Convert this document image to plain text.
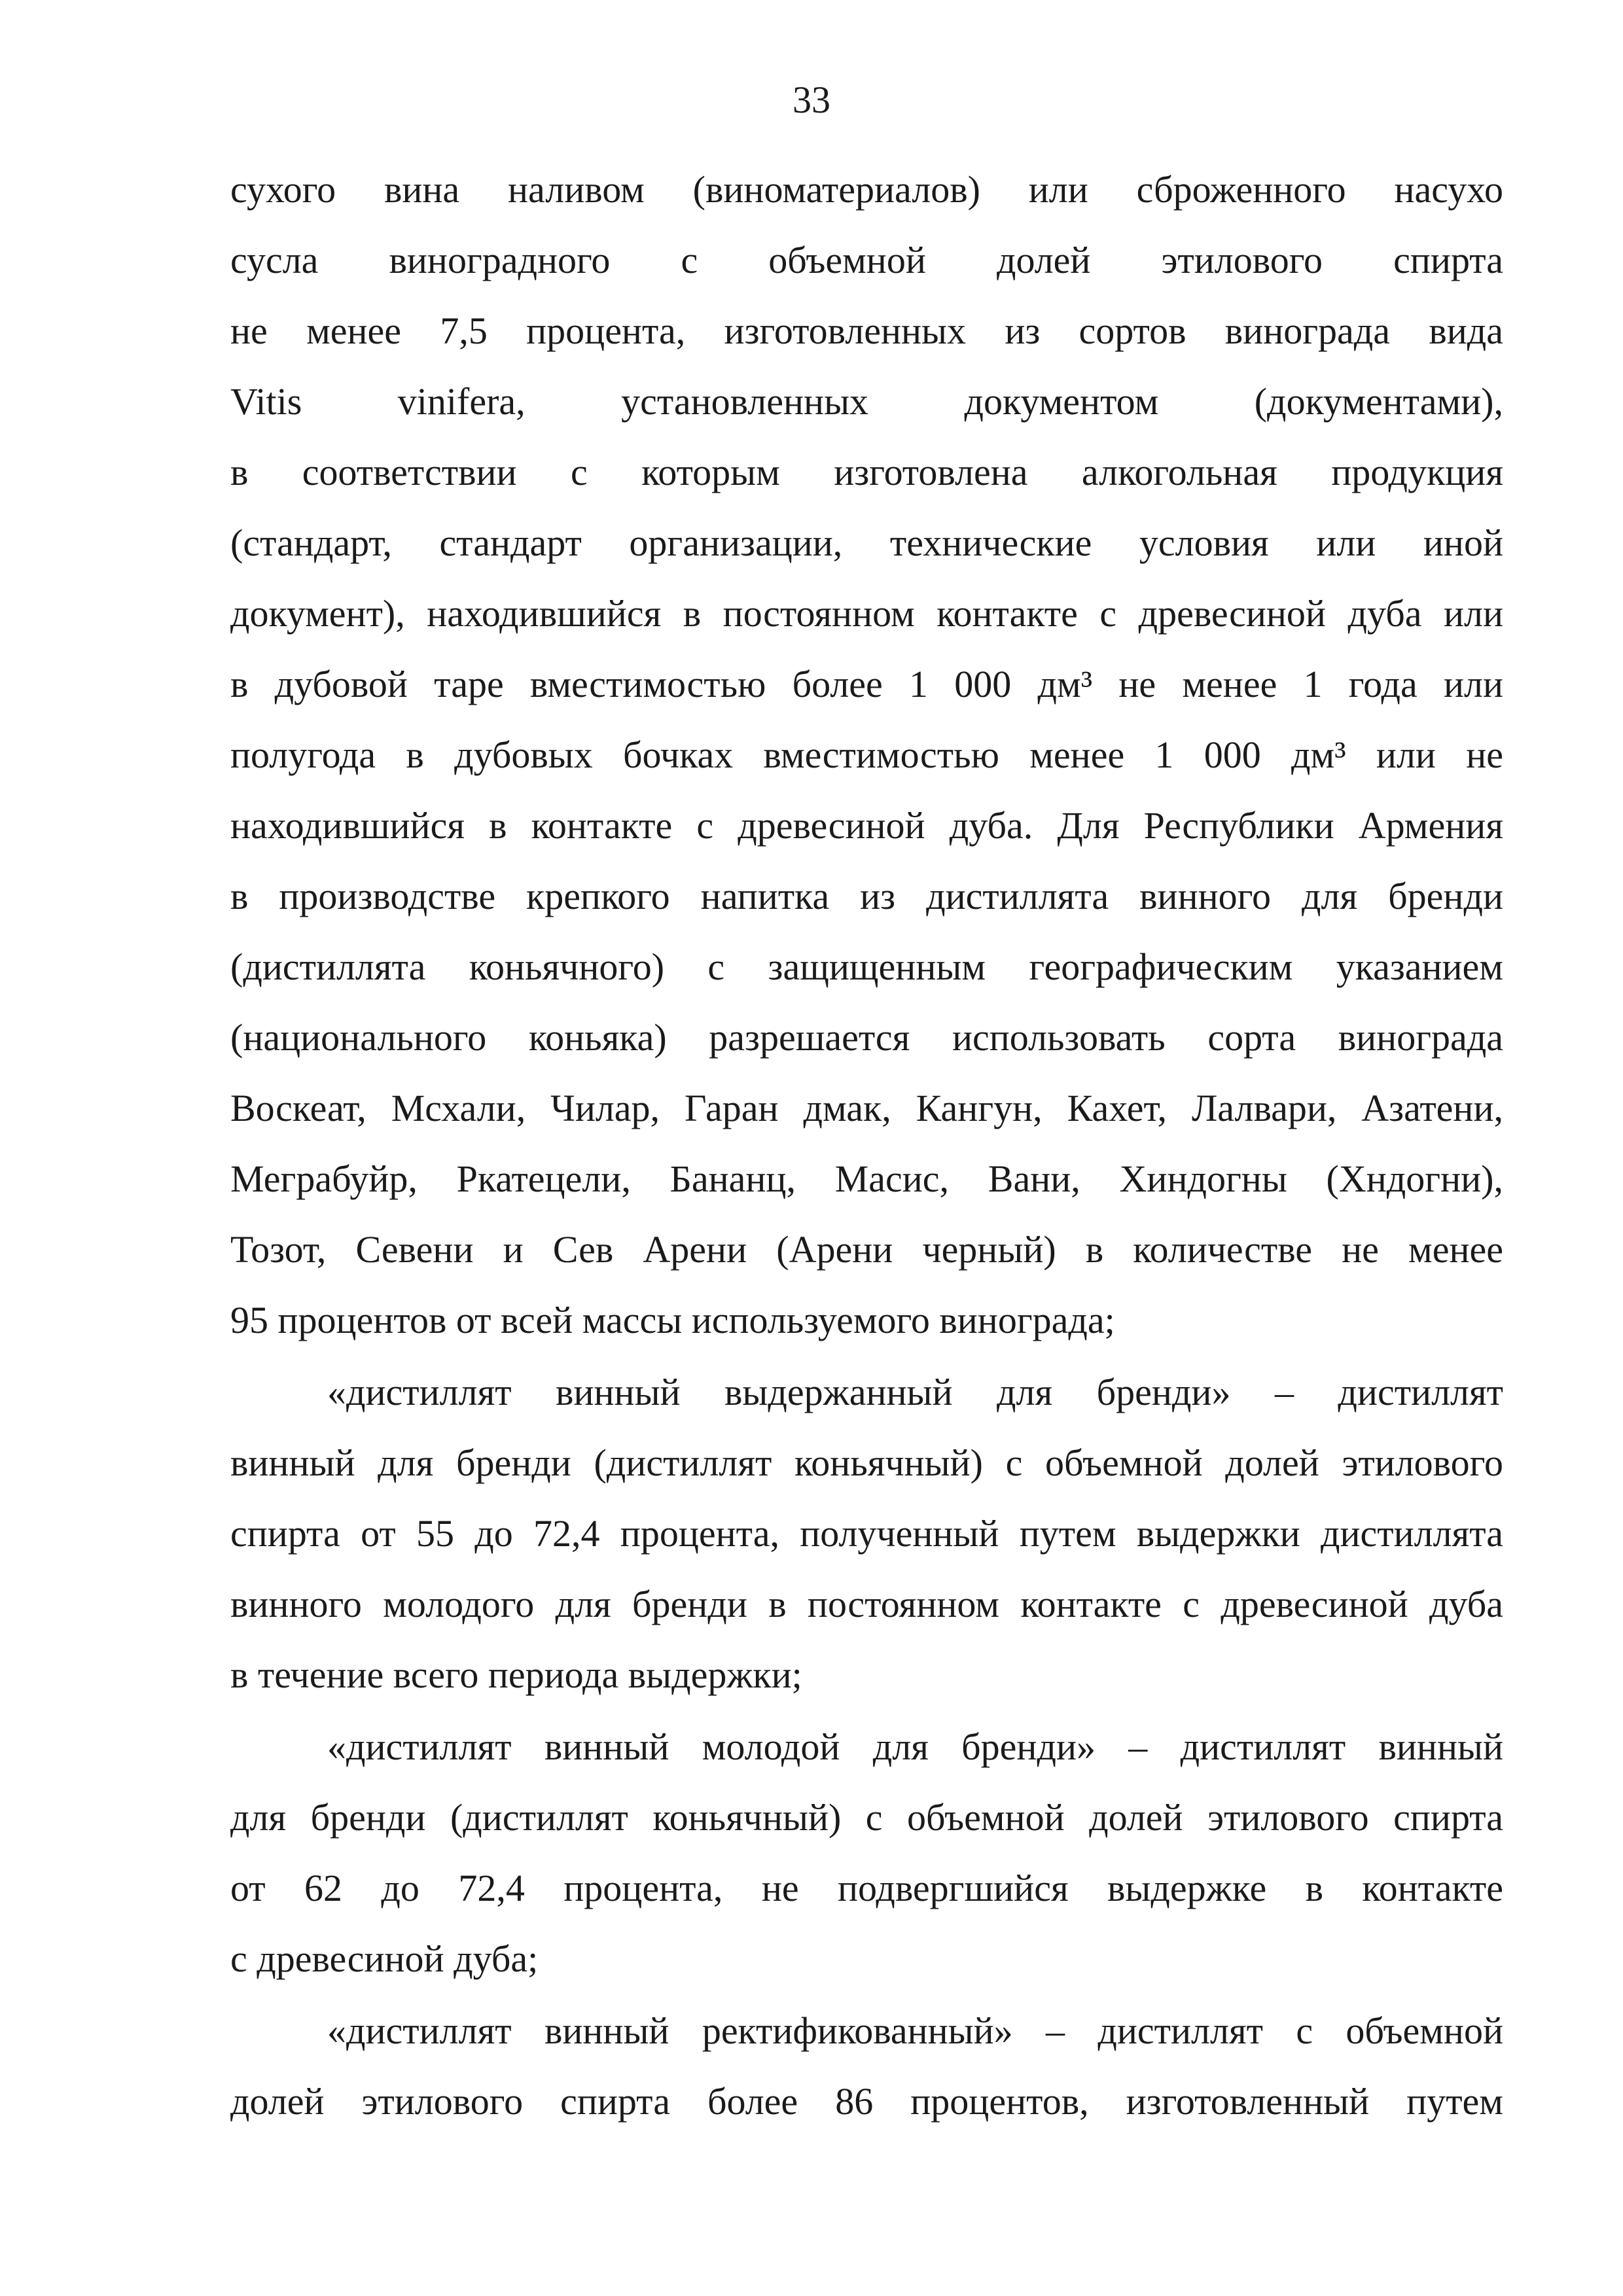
33
сухого вина наливом (виноматериалов) или сброженного насухо
сусла виноградного с объемной долей этилового спирта
не менее 7,5 процента, изготовленных из сортов винограда вида
Vitis vinifera, установленных документом (документами),
в соответствии с которым изготовлена алкогольная продукция
(стандарт, стандарт организации, технические условия или иной
документ), находившийся в постоянном контакте с древесиной дуба или
в дубовой таре вместимостью более 1 000 дм³ не менее 1 года или
полугода в дубовых бочках вместимостью менее 1 000 дм³ или не
находившийся в контакте с древесиной дуба. Для Республики Армения
в производстве крепкого напитка из дистиллята винного для бренди
(дистиллята коньячного) с защищенным географическим указанием
(национального коньяка) разрешается использовать сорта винограда
Воскеат, Мсхали, Чилар, Гаран дмак, Кангун, Кахет, Лалвари, Азатени,
Меграбуйр, Ркатецели, Бананц, Масис, Вани, Хиндогны (Хндогни),
Тозот, Севени и Сев Арени (Арени черный) в количестве не менее
95 процентов от всей массы используемого винограда;
«дистиллят винный выдержанный для бренди» – дистиллят
винный для бренди (дистиллят коньячный) с объемной долей этилового
спирта от 55 до 72,4 процента, полученный путем выдержки дистиллята
винного молодого для бренди в постоянном контакте с древесиной дуба
в течение всего периода выдержки;
«дистиллят винный молодой для бренди» – дистиллят винный
для бренди (дистиллят коньячный) с объемной долей этилового спирта
от 62 до 72,4 процента, не подвергшийся выдержке в контакте
с древесиной дуба;
«дистиллят винный ректификованный» – дистиллят с объемной
долей этилового спирта более 86 процентов, изготовленный путем
